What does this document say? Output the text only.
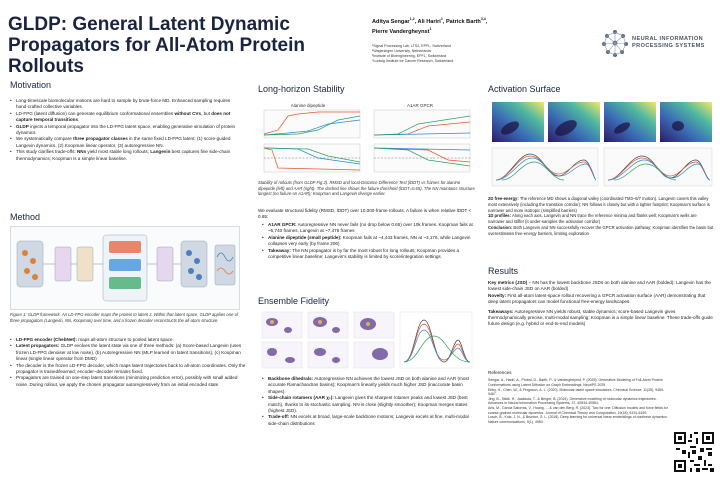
GLDP: General Latent Dynamic
Propagators for All-Atom Protein Rollouts
Aditya Sengar$^{1,2}$, Ali Hariri$^1$, Patrick Barth$^{3,4}$,
Pierre Vandergheynst$^1$
¹Signal Processing Lab, LTS2, EPFL, Switzerland
²Wageningen University, Netherlands
³Institute of Bioengineering, EPFL, Switzerland
⁴Ludwig Institute for Cancer Research, Switzerland.
NEURAL INFORMATION
PROCESSING SYSTEMS
Motivation
• Long-timescale biomolecular motions are hard to sample by brute-force MD. Enhanced sampling requires hand-crafted collective variables.
• LD-FPG (latent diffusion) can generate equilibrium conformational ensembles without CVs, but does not capture temporal transitions.
• GLDP injects a temporal propagator into the LD-FPG latent space, enabling generative simulation of protein dynamics.
• We systematically compare three propagator classes in the same fixed LD-FPG latent: (1) score-guided Langevin dynamics, (2) Koopman linear operator, (3) autoregressive NN.
• This study clarifies trade-offs: NNs yield most stable long rollouts; Langevin best captures fine side-chain thermodynamics; Koopman is a simple linear baseline.
Method
Figure 1: GLDP framework. An LD-FPG encoder maps the protein to latent z. Within that latent space, GLDP applies one of three propagators (Langevin, NN, Koopman) over time, and a frozen decoder reconstructs the all-atom structure.
• LD-FPG encoder (ChebNet): maps all-atom structure to pooled latent space.
• Latent propagators: GLDP evolves the latent state via one of three methods: (a) Score-based Langevin (uses frozen LD-FPG denoiser at low noise), (b) Autoregressive NN (MLP learned on latent transitions), (c) Koopman linear (single linear operator from DMD)
• The decoder is the frozen LD-FPG decoder, which maps latent trajectories back to all-atom coordinates. Only the propagator is trained/learned; encoder–decoder remains fixed.
• Propagators are trained on one-step latent transitions (minimizing prediction error), possibly with small added noise. During rollout, we apply the chosen propagator autoregressively from an initial encoded state
Long-horizon Stability
Alanine dipeptide	A1AR GPCR
Stability of rollouts (from GLDP Fig 2). RMSD and local-Distance Difference Test (lDDT) vs frames for alanine dipeptide (left) and AAR (right). The dashed line shows the failure threshold (lDDT=0.65). The NN maintains structure longest (no failure on A1AR); Koopman and Langevin diverge earlier.
We evaluate structural fidelity (RMSD, lDDT) over 10,000-frame rollouts. A failure is when relative lDDT < 0.65:
• A1AR GPCR: Autoregressive NN never fails (no drop below 0.65) over 10k frames. Koopman fails at ~5,740 frames, Langevin at ~7,476 frames
• Alanine dipeptide (small peptide): Koopman fails at ~4,443 frames, NN at ~3,176, while Langevin collapses very early (by frame 206)
• Takeaway: The NN propagator is by far the most robust for long rollouts; Koopman provides a competitive linear baseline; Langevin's stability is limited by score/integration settings
Ensemble Fidelity
• Backbone dihedrals: Autoregressive NN achieves the lowest JSD on both alanine and AAR (most accurate Ramachandran basins); Koopman's linearity yields much higher JSD (inaccurate basin shapes).
• Side-chain rotamers (AAR χ₁): Langevin gives the sharpest rotamer peaks and lowest JSD (best match), thanks to its stochastic sampling. NN is close (slightly smoother); Koopman merges states (highest JSD).
• Trade-off: NN excels at broad, large-scale backbone motions; Langevin excels at fine, multi-modal side-chain distributions
Activation Surface
2D free-energy: The reference MD shows a diagonal valley (coordinated TM3–6/7 motion). Langevin covers this valley most extensively (including the transition corridor); NN follows it closely but with a tighter footprint; Koopman's surface is narrower and more isotropic (simplified barriers)
1D profiles: Along each axis, Langevin and NN trace the reference minima and flanks well; Koopman's wells are narrower and stiffer (it under-samples the activation corridor)
Conclusion: Both Langevin and NN successfully recover the GPCR activation pathway; Koopman identifies the basin but overestimates free-energy barriers, limiting exploration
Results
Key metrics (JSD) – NN has the lowest backbone JSDs on both alanine and AAR (bolded); Langevin has the lowest side-chain JSD on AAR (bolded)
Novelty: First all-atom latent-space rollout recovering a GPCR activation surface (AAR) demonstrating that deep latent propagators can model functional free-energy landscapes.
Takeaways: Autoregressive NN yields robust, stable dynamics; score-based Langevin gives thermodynamically precise, multi-modal sampling; Koopman is a simple linear baseline. These trade-offs guide future design (e.g. hybrid or end-to-end models)
References
Sengar, A., Hariri, A., Probst, D., Barth, P., & Vandergheynst, P. (2025). Generative Modeling of Full-Atom Protein Conformations using Latent Diffusion on Graph Embeddings. NeurIPS 2025.
Ebby, H., Chen, W., & Ferguson, A. L. (2020). Molecular latent space simulators. Chemical Science, 11(35), 9459-9467.
Jing, B., Stärk, H., Jaakkola, T., & Berger, B. (2024). Generative modeling of molecular dynamics trajectories. Advances in Neural Information Processing Systems, 37, 40534-40564.
Arts, M., Garcia Satorras, V., Huang, ... & van den Berg, R. (2023). Two for one: Diffusion models and force fields for coarse-grained molecular dynamics. Journal of Chemical Theory and Computation, 19(18), 6151-6159.
Lusch, B., Kutz, J. N., & Brunton, S. L. (2018). Deep learning for universal linear embeddings of nonlinear dynamics. Nature communications, 9(1), 4950.
